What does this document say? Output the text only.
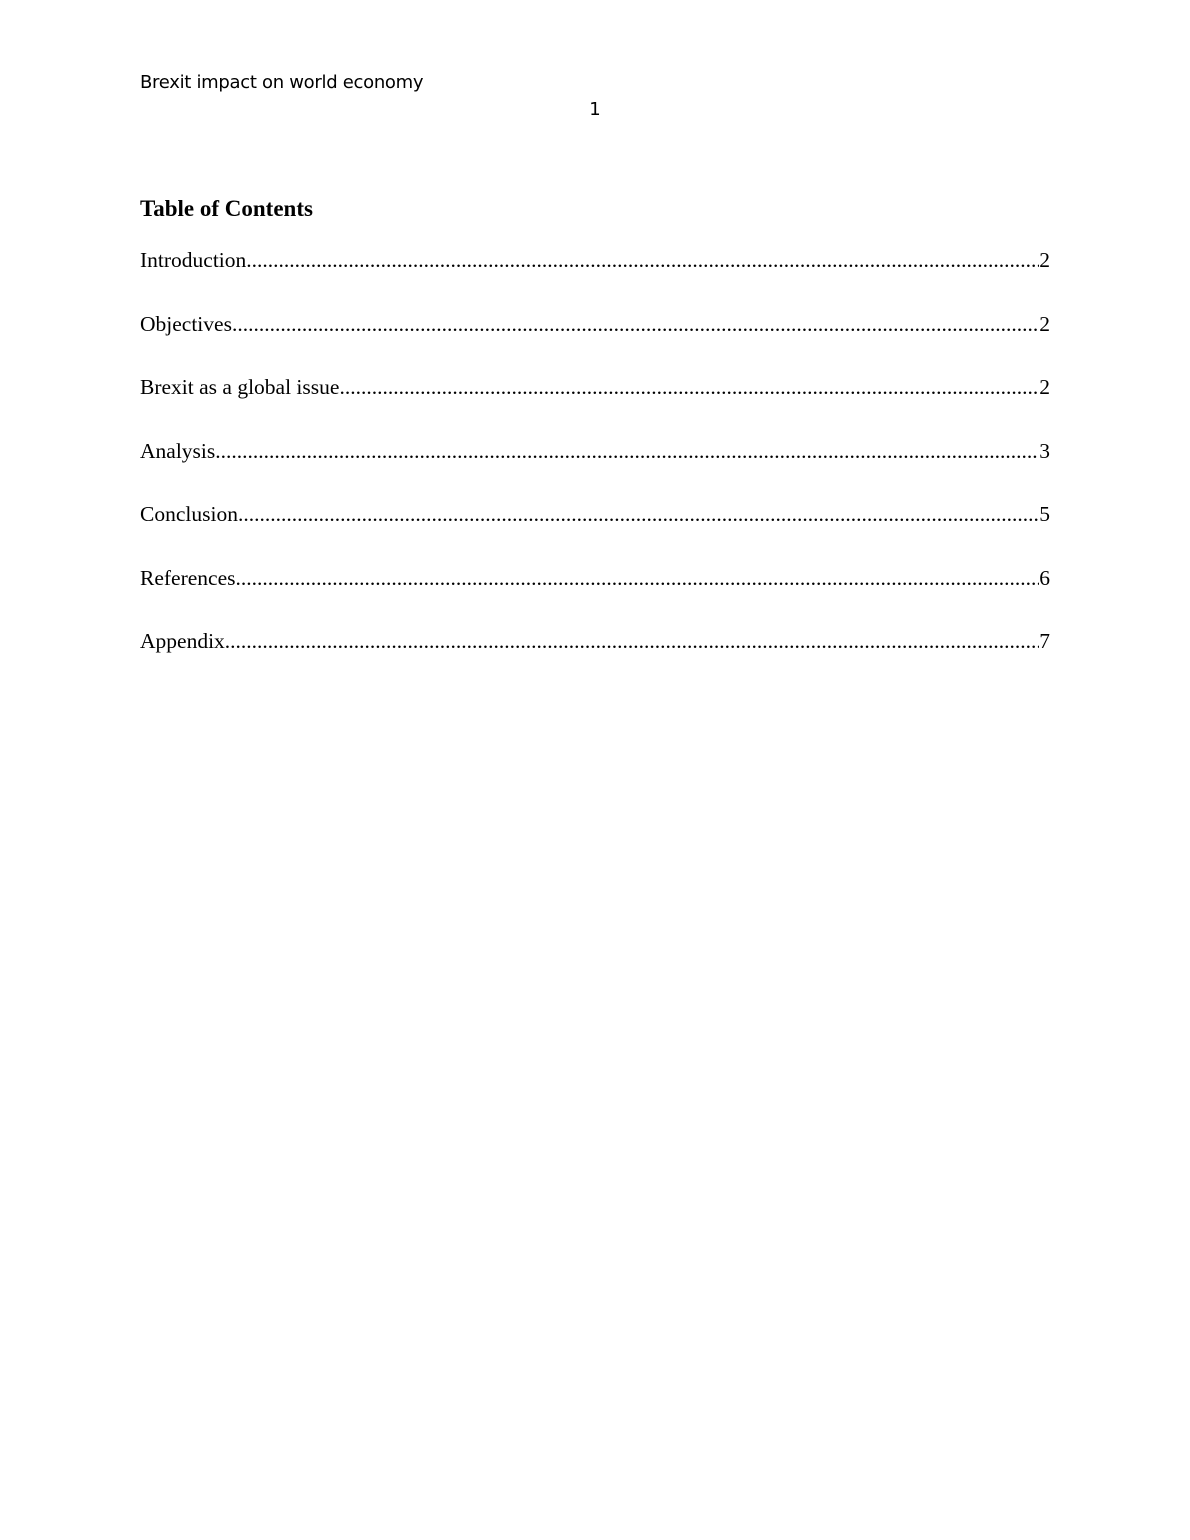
Brexit impact on world economy
1
Table of Contents
Introduction .....	2
Objectives .....	2
Brexit as a global issue .....	2
Analysis .....	3
Conclusion .....	5
References .....	6
Appendix .....	7
